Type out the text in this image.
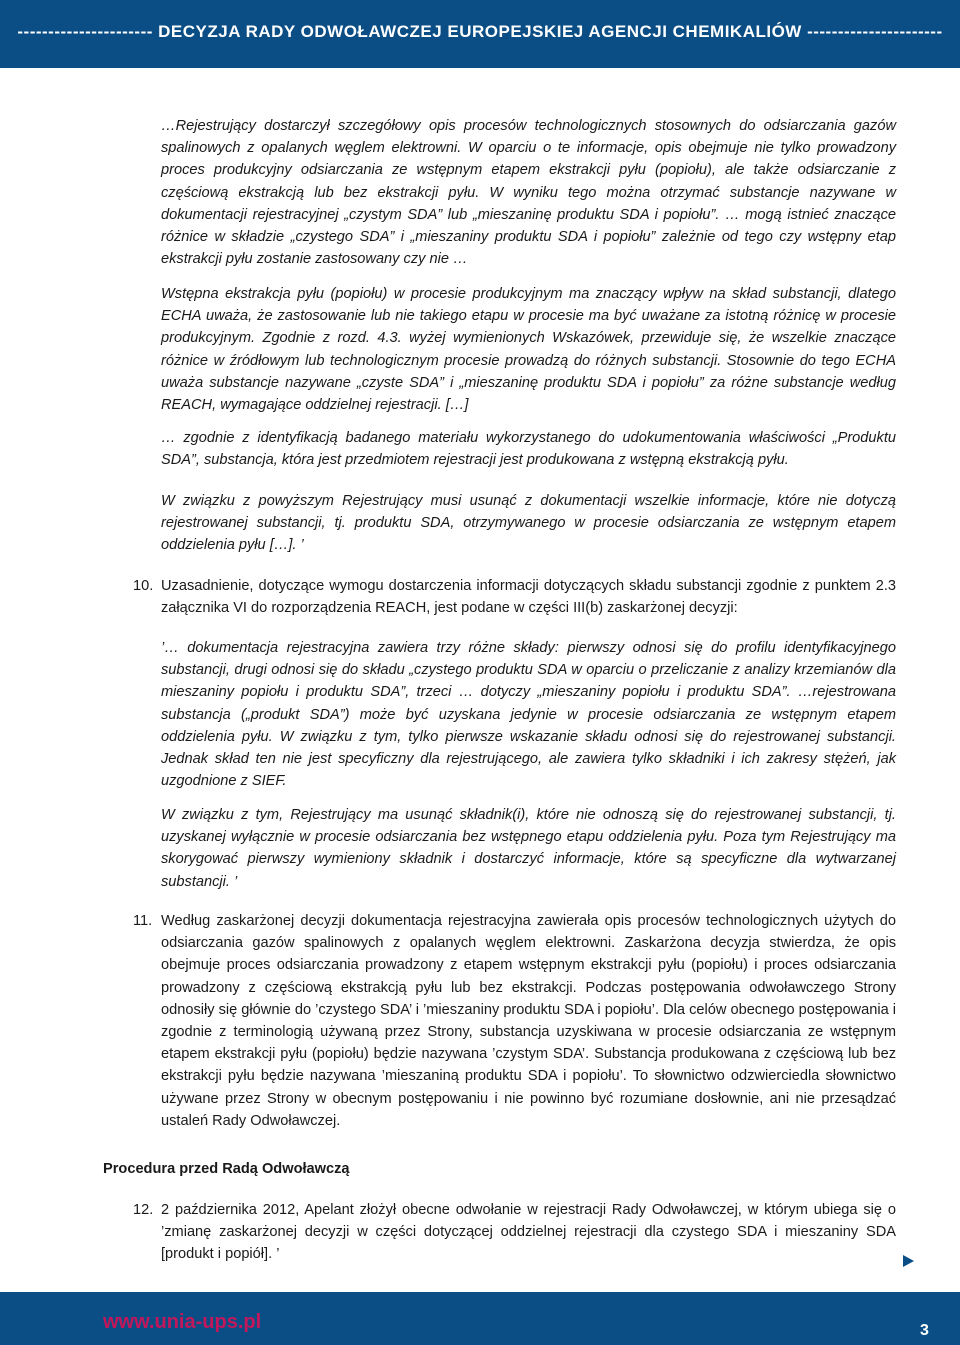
---------------------- DECYZJA RADY ODWOŁAWCZEJ EUROPEJSKIEJ AGENCJI CHEMIKALIÓW ----------------------

…Rejestrujący dostarczył szczegółowy opis procesów technologicznych stosownych do odsiarczania gazów spalinowych z opalanych węglem elektrowni. W oparciu o te informacje, opis obejmuje nie tylko prowadzony proces produkcyjny odsiarczania ze wstępnym etapem ekstrakcji pyłu (popiołu), ale także odsiarczanie z częściową ekstrakcją lub bez ekstrakcji pyłu. W wyniku tego można otrzymać substancje nazywane w dokumentacji rejestracyjnej „czystym SDA” lub „mieszaninę produktu SDA i popiołu”. … mogą istnieć znaczące różnice w składzie „czystego SDA” i „mieszaniny produktu SDA i popiołu” zależnie od tego czy wstępny etap ekstrakcji pyłu zostanie zastosowany czy nie …

Wstępna ekstrakcja pyłu (popiołu) w procesie produkcyjnym ma znaczący wpływ na skład substancji, dlatego ECHA uważa, że zastosowanie lub nie takiego etapu w procesie ma być uważane za istotną różnicę w procesie produkcyjnym. Zgodnie z rozd. 4.3. wyżej wymienionych Wskazówek, przewiduje się, że wszelkie znaczące różnice w źródłowym lub technologicznym procesie prowadzą do różnych substancji. Stosownie do tego ECHA uważa substancje nazywane „czyste SDA” i „mieszaninę produktu SDA i popiołu” za różne substancje według REACH, wymagające oddzielnej rejestracji. […]

… zgodnie z identyfikacją badanego materiału wykorzystanego do udokumentowania właściwości „Produktu SDA”, substancja, która jest przedmiotem rejestracji jest produkowana z wstępną ekstrakcją pyłu.

W związku z powyższym Rejestrujący musi usunąć z dokumentacji wszelkie informacje, które nie dotyczą rejestrowanej substancji, tj. produktu SDA, otrzymywanego w procesie odsiarczania ze wstępnym etapem oddzielenia pyłu […]. ’

10. Uzasadnienie, dotyczące wymogu dostarczenia informacji dotyczących składu substancji zgodnie z punktem 2.3 załącznika VI do rozporządzenia REACH, jest podane w części III(b) zaskarżonej decyzji:

’… dokumentacja rejestracyjna zawiera trzy różne składy: pierwszy odnosi się do profilu identyfikacyjnego substancji, drugi odnosi się do składu „czystego produktu SDA w oparciu o przeliczanie z analizy krzemianów dla mieszaniny popiołu i produktu SDA”, trzeci … dotyczy „mieszaniny popiołu i produktu SDA”. …rejestrowana substancja („produkt SDA”) może być uzyskana jedynie w procesie odsiarczania ze wstępnym etapem oddzielenia pyłu. W związku z tym, tylko pierwsze wskazanie składu odnosi się do rejestrowanej substancji. Jednak skład ten nie jest specyficzny dla rejestrującego, ale zawiera tylko składniki i ich zakresy stężeń, jak uzgodnione z SIEF.

W związku z tym, Rejestrujący ma usunąć składnik(i), które nie odnoszą się do rejestrowanej substancji, tj. uzyskanej wyłącznie w procesie odsiarczania bez wstępnego etapu oddzielenia pyłu. Poza tym Rejestrujący ma skorygować pierwszy wymieniony składnik i dostarczyć informacje, które są specyficzne dla wytwarzanej substancji. ’

11. Według zaskarżonej decyzji dokumentacja rejestracyjna zawierała opis procesów technologicznych użytych do odsiarczania gazów spalinowych z opalanych węglem elektrowni. Zaskarżona decyzja stwierdza, że opis obejmuje proces odsiarczania prowadzony z etapem wstępnym ekstrakcji pyłu (popiołu) i proces odsiarczania prowadzony z częściową ekstrakcją pyłu lub bez ekstrakcji. Podczas postępowania odwoławczego Strony odnosiły się głównie do ’czystego SDA’ i ’mieszaniny produktu SDA i popiołu’. Dla celów obecnego postępowania i zgodnie z terminologią używaną przez Strony, substancja uzyskiwana w procesie odsiarczania ze wstępnym etapem ekstrakcji pyłu (popiołu) będzie nazywana ’czystym SDA’. Substancja produkowana z częściową lub bez ekstrakcji pyłu będzie nazywana ’mieszaniną produktu SDA i popiołu’. To słownictwo odzwierciedla słownictwo używane przez Strony w obecnym postępowaniu i nie powinno być rozumiane dosłownie, ani nie przesądzać ustaleń Rady Odwoławczej.

Procedura przed Radą Odwoławczą
12. 2 października 2012, Apelant złożył obecne odwołanie w rejestracji Rady Odwoławczej, w którym ubiega się o ’zmianę zaskarżonej decyzji w części dotyczącej oddzielnej rejestracji dla czystego SDA i mieszaniny SDA [produkt i popiół]. ’

www.unia-ups.pl	3
